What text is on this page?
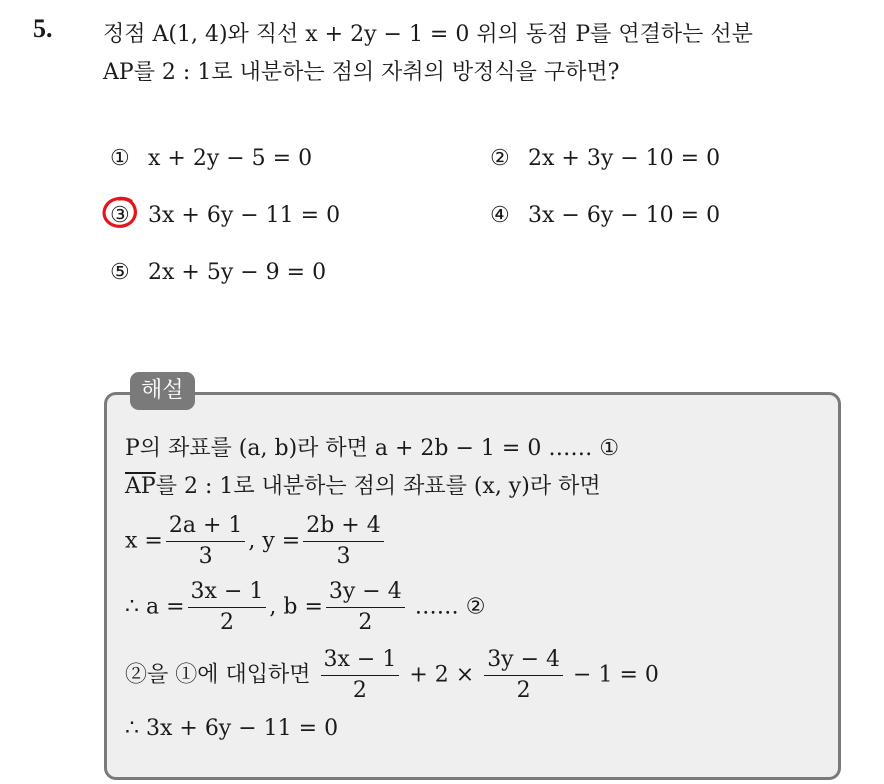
5. 정점 A(1, 4)와 직선 x + 2y − 1 = 0 위의 동점 P를 연결하는 선분
AP를 2 : 1로 내분하는 점의 자취의 방정식을 구하면?
① x + 2y − 5 = 0	② 2x + 3y − 10 = 0
③ 3x + 6y − 11 = 0	④ 3x − 6y − 10 = 0
⑤ 2x + 5y − 9 = 0
해설
P의 좌표를 (a, b)라 하면 a + 2b − 1 = 0 …… ①
$\overline{AP}$를 2 : 1로 내분하는 점의 좌표를 (x, y)라 하면
$x = \frac{2a + 1}{3}$ , $y = \frac{2b + 4}{3}$
∴ $a = \frac{3x - 1}{2}$ , $b = \frac{3y - 4}{2}$ …… ②
②을 ①에 대입하면 $\frac{3x - 1}{2} + 2 \times \frac{3y - 4}{2} - 1 = 0$
∴ 3x + 6y − 11 = 0
